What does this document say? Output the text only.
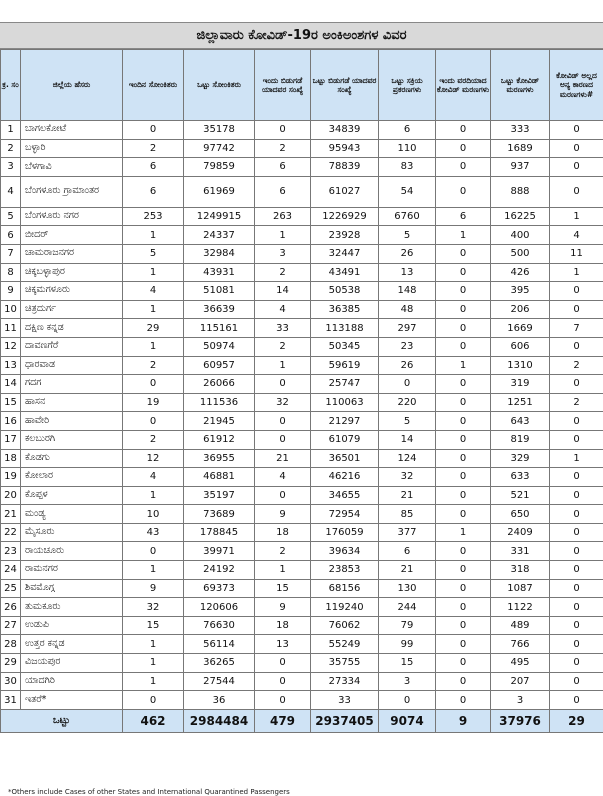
ಜಿಲ್ಲಾವಾರು ಕೋವಿಡ್-19ರ ಅಂಕಿಅಂಶಗಳ ವಿವರ
ಕ್ರ. ಸಂ	ಜಿಲ್ಲೆಯ ಹೆಸರು	ಇಂದಿನ ಸೋಂಕಿತರು	ಒಟ್ಟು ಸೋಂಕಿತರು	ಇಂದು ಬಿಡುಗಡೆ ಯಾದವರ ಸಂಖ್ಯೆ	ಒಟ್ಟು ಬಿಡುಗಡೆ ಯಾದವರ ಸಂಖ್ಯೆ	ಒಟ್ಟು ಸಕ್ರಿಯ ಪ್ರಕರಣಗಳು	ಇಂದು ವರದಿಯಾದ ಕೋವಿಡ್ ಮರಣಗಳು	ಒಟ್ಟು ಕೋವಿಡ್ ಮರಣಗಳು	ಕೋವಿಡ್ ಅಲ್ಲದ ಅನ್ಯ ಕಾರಣದ ಮರಣಗಳು#
1	ಬಾಗಲಕೋಟೆ	0	35178	0	34839	6	0	333	0
2	ಬಳ್ಳಾರಿ	2	97742	2	95943	110	0	1689	0
3	ಬೆಳಗಾವಿ	6	79859	6	78839	83	0	937	0
4	ಬೆಂಗಳೂರು ಗ್ರಾಮಾಂತರ	6	61969	6	61027	54	0	888	0
5	ಬೆಂಗಳೂರು ನಗರ	253	1249915	263	1226929	6760	6	16225	1
6	ಬೀದರ್	1	24337	1	23928	5	1	400	4
7	ಚಾಮರಾಜನಗರ	5	32984	3	32447	26	0	500	11
8	ಚಿಕ್ಕಬಳ್ಳಾಪುರ	1	43931	2	43491	13	0	426	1
9	ಚಿಕ್ಕಮಗಳೂರು	4	51081	14	50538	148	0	395	0
10	ಚಿತ್ರದುರ್ಗ	1	36639	4	36385	48	0	206	0
11	ದಕ್ಷಿಣ ಕನ್ನಡ	29	115161	33	113188	297	0	1669	7
12	ದಾವಣಗೆರೆ	1	50974	2	50345	23	0	606	0
13	ಧಾರವಾಡ	2	60957	1	59619	26	1	1310	2
14	ಗದಗ	0	26066	0	25747	0	0	319	0
15	ಹಾಸನ	19	111536	32	110063	220	0	1251	2
16	ಹಾವೇರಿ	0	21945	0	21297	5	0	643	0
17	ಕಲಬುರಗಿ	2	61912	0	61079	14	0	819	0
18	ಕೊಡಗು	12	36955	21	36501	124	0	329	1
19	ಕೋಲಾರ	4	46881	4	46216	32	0	633	0
20	ಕೊಪ್ಪಳ	1	35197	0	34655	21	0	521	0
21	ಮಂಡ್ಯ	10	73689	9	72954	85	0	650	0
22	ಮೈಸೂರು	43	178845	18	176059	377	1	2409	0
23	ರಾಯಚೂರು	0	39971	2	39634	6	0	331	0
24	ರಾಮನಗರ	1	24192	1	23853	21	0	318	0
25	ಶಿವಮೊಗ್ಗ	9	69373	15	68156	130	0	1087	0
26	ತುಮಕೂರು	32	120606	9	119240	244	0	1122	0
27	ಉಡುಪಿ	15	76630	18	76062	79	0	489	0
28	ಉತ್ತರ ಕನ್ನಡ	1	56114	13	55249	99	0	766	0
29	ವಿಜಯಪುರ	1	36265	0	35755	15	0	495	0
30	ಯಾದಗಿರಿ	1	27544	0	27334	3	0	207	0
31	ಇತರೆ*	0	36	0	33	0	0	3	0
ಒಟ್ಟು		462	2984484	479	2937405	9074	9	37976	29
*Others include Cases of other States and International Quarantined Passengers
